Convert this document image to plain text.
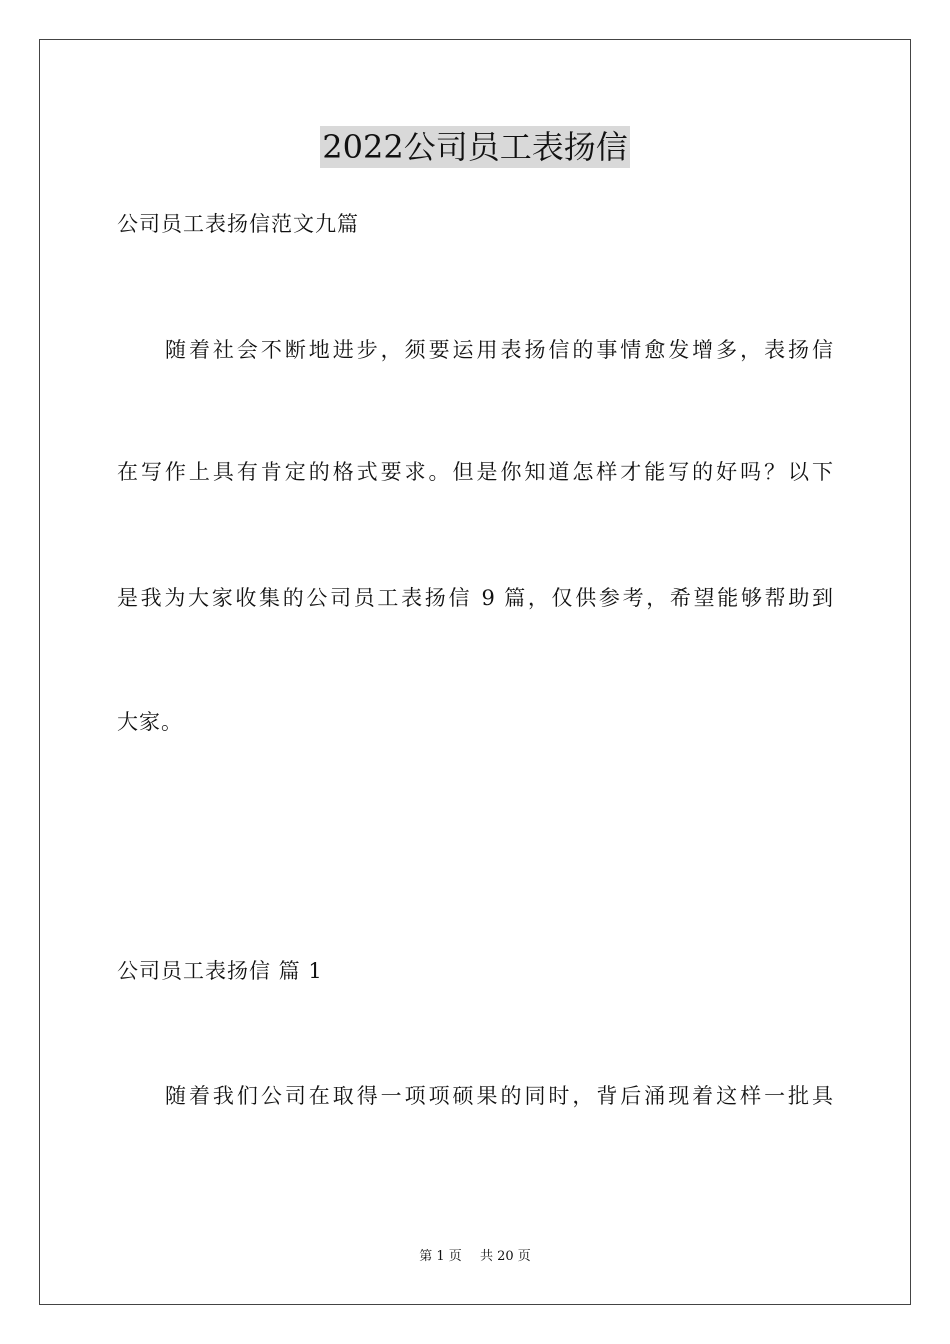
2022公司员工表扬信

公司员工表扬信范文九篇

随着社会不断地进步，须要运用表扬信的事情愈发增多，表扬信

在写作上具有肯定的格式要求。但是你知道怎样才能写的好吗？以下

是我为大家收集的公司员工表扬信 9 篇，仅供参考，希望能够帮助到

大家。

公司员工表扬信 篇 1

随着我们公司在取得一项项硕果的同时，背后涌现着这样一批具

第 1 页 共 20 页
